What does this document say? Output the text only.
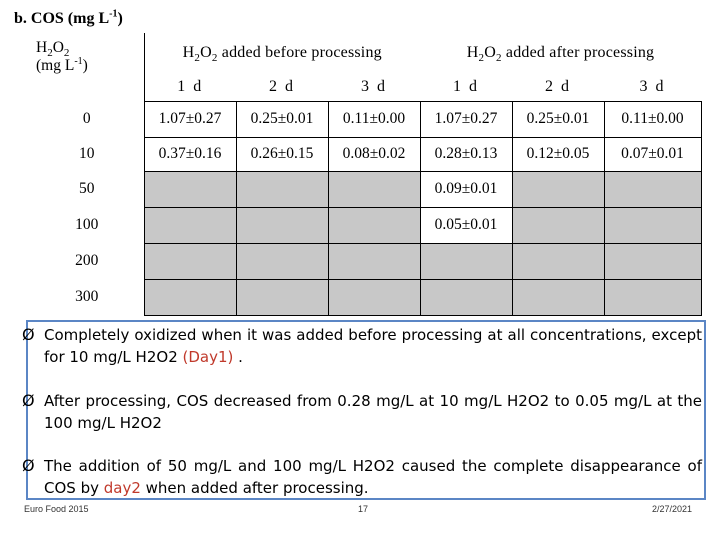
b. COS (mg $L^{-1}$)
$H_2O_2$
(mg $L^{-1}$)	$H_2O_2$ added before processing			$H_2O_2$ added after processing		
	1 d	2 d	3 d	1 d	2 d	3 d
0	1.07±0.27	0.25±0.01	0.11±0.00	1.07±0.27	0.25±0.01	0.11±0.00
10	0.37±0.16	0.26±0.15	0.08±0.02	0.28±0.13	0.12±0.05	0.07±0.01
50				0.09±0.01		
100				0.05±0.01		
200						
300						
Ø Completely oxidized when it was added before processing at all concentrations, except for 10 mg/L H2O2 (Day1) .
Ø After processing, COS decreased from 0.28 mg/L at 10 mg/L H2O2 to 0.05 mg/L at the 100 mg/L H2O2
Ø The addition of 50 mg/L and 100 mg/L H2O2 caused the complete disappearance of COS by day2 when added after processing.
Euro Food 2015	17	2/27/2021
